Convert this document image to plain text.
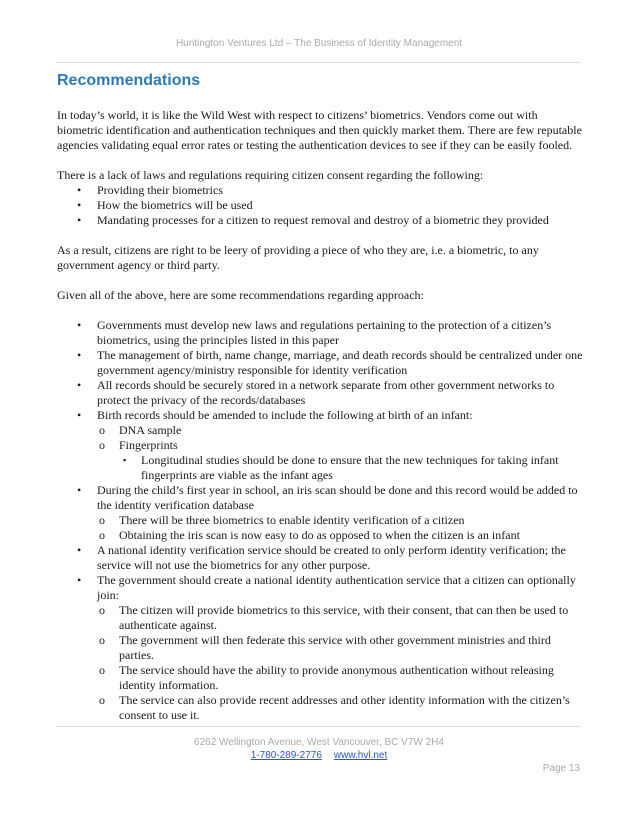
Huntington Ventures Ltd – The Business of Identity Management
Recommendations

In today’s world, it is like the Wild West with respect to citizens’ biometrics. Vendors come out with biometric identification and authentication techniques and then quickly market them. There are few reputable agencies validating equal error rates or testing the authentication devices to see if they can be easily fooled.

There is a lack of laws and regulations requiring citizen consent regarding the following:

• Providing their biometrics
• How the biometrics will be used
• Mandating processes for a citizen to request removal and destroy of a biometric they provided

As a result, citizens are right to be leery of providing a piece of who they are, i.e. a biometric, to any government agency or third party.

Given all of the above, here are some recommendations regarding approach:

• Governments must develop new laws and regulations pertaining to the protection of a citizen’s biometrics, using the principles listed in this paper
• The management of birth, name change, marriage, and death records should be centralized under one government agency/ministry responsible for identity verification
• All records should be securely stored in a network separate from other government networks to protect the privacy of the records/databases
• Birth records should be amended to include the following at birth of an infant:
o DNA sample
o Fingerprints
▪ Longitudinal studies should be done to ensure that the new techniques for taking infant fingerprints are viable as the infant ages
• During the child’s first year in school, an iris scan should be done and this record would be added to the identity verification database
o There will be three biometrics to enable identity verification of a citizen
o Obtaining the iris scan is now easy to do as opposed to when the citizen is an infant
• A national identity verification service should be created to only perform identity verification; the service will not use the biometrics for any other purpose.
• The government should create a national identity authentication service that a citizen can optionally join:
o The citizen will provide biometrics to this service, with their consent, that can then be used to authenticate against.
o The government will then federate this service with other government ministries and third parties.
o The service should have the ability to provide anonymous authentication without releasing identity information.
o The service can also provide recent addresses and other identity information with the citizen’s consent to use it.
6262 Wellington Avenue, West Vancouver, BC V7W 2H4
1-780-289-2776 www.hvl.net
Page 13
